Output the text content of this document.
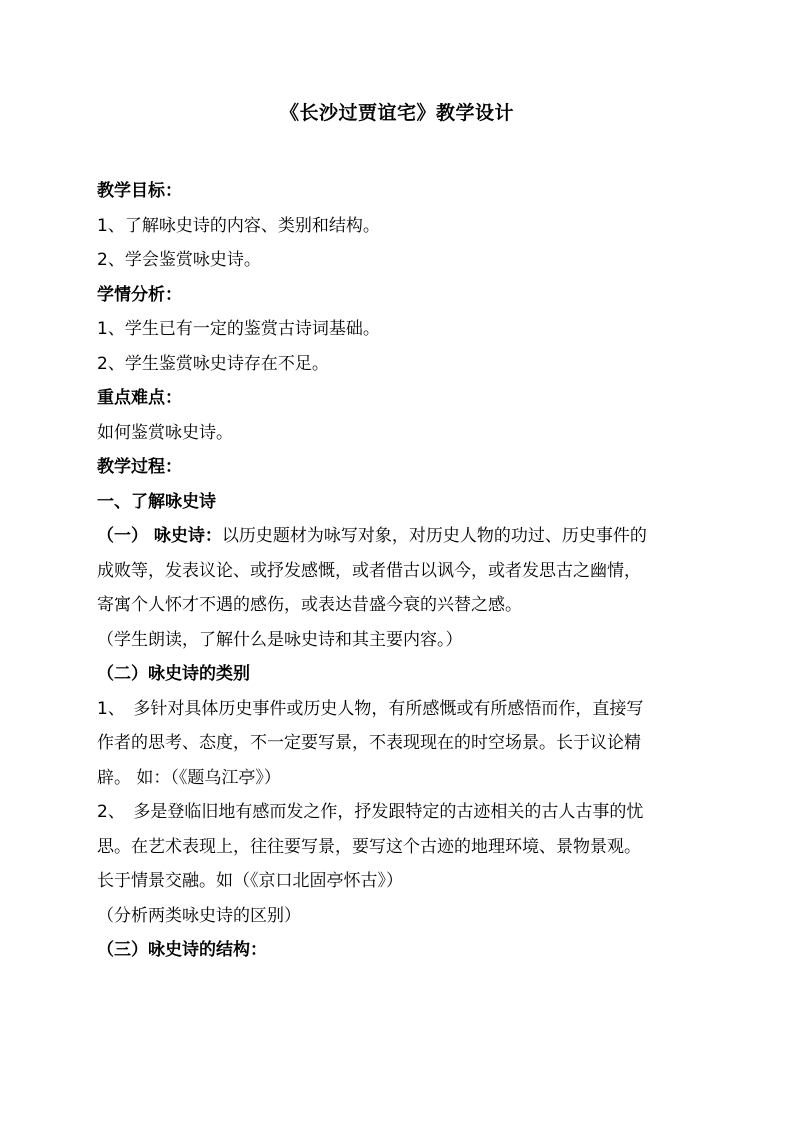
《长沙过贾谊宅》教学设计

教学目标：

1、了解咏史诗的内容、类别和结构。

2、学会鉴赏咏史诗。

学情分析：

1、学生已有一定的鉴赏古诗词基础。

2、学生鉴赏咏史诗存在不足。

重点难点：

如何鉴赏咏史诗。

教学过程：

一、了解咏史诗

（一） 咏史诗：以历史题材为咏写对象，对历史人物的功过、历史事件的

成败等，发表议论、或抒发感慨，或者借古以讽今，或者发思古之幽情，

寄寓个人怀才不遇的感伤，或表达昔盛今衰的兴替之感。

（学生朗读，了解什么是咏史诗和其主要内容。）

（二）咏史诗的类别

1、　多针对具体历史事件或历史人物，有所感慨或有所感悟而作，直接写

作者的思考、态度，不一定要写景，不表现现在的时空场景。长于议论精

辟。 如：（《题乌江亭》）

2、　多是登临旧地有感而发之作，抒发跟特定的古迹相关的古人古事的忧

思。在艺术表现上，往往要写景，要写这个古迹的地理环境、景物景观。

长于情景交融。如（《京口北固亭怀古》）

（分析两类咏史诗的区别）

（三）咏史诗的结构：
